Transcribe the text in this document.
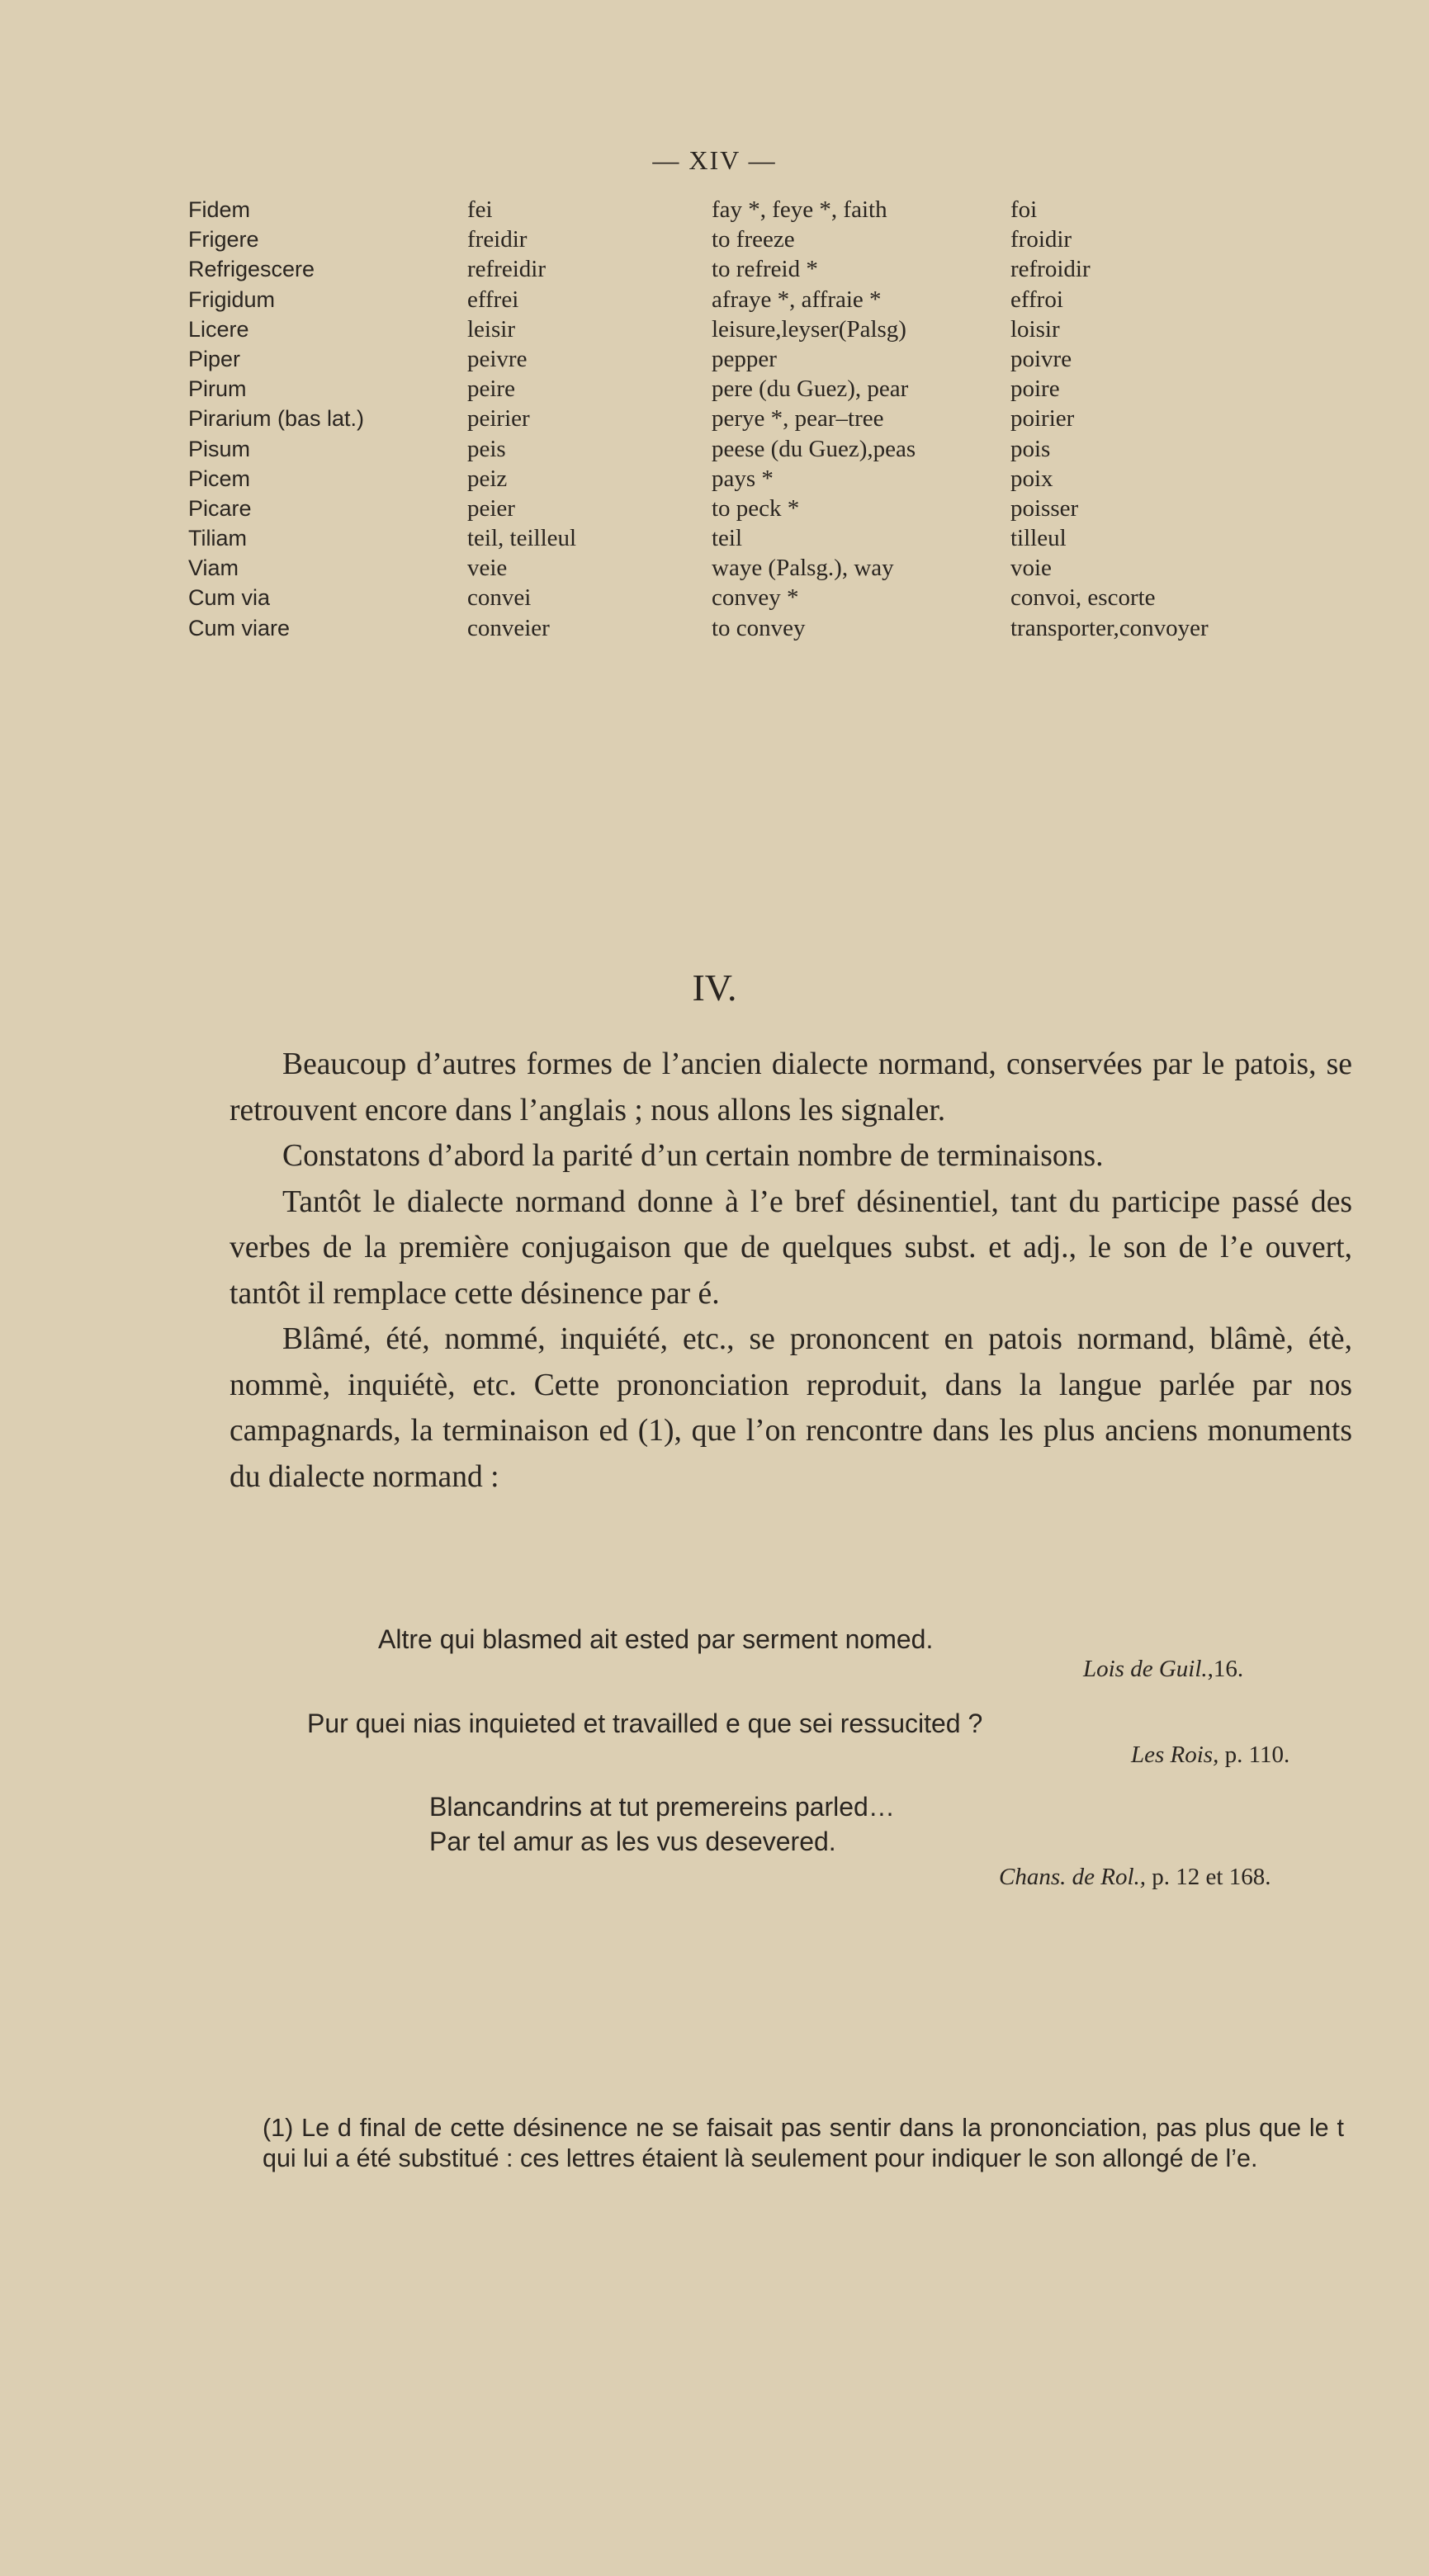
— XIV —
Fidem	fei	fay *, feye *, faith	foi
Frigere	freidir	to freeze	froidir
Refrigescere	refreidir	to refreid *	refroidir
Frigidum	effrei	afraye *, affraie *	effroi
Licere	leisir	leisure,leyser(Palsg)	loisir
Piper	peivre	pepper	poivre
Pirum	peire	pere (du Guez), pear	poire
Pirarium (bas lat.)	peirier	perye *, pear–tree	poirier
Pisum	peis	peese (du Guez),peas	pois
Picem	peiz	pays *	poix
Picare	peier	to peck *	poisser
Tiliam	teil, teilleul	teil	tilleul
Viam	veie	waye (Palsg.), way	voie
Cum via	convei	convey *	convoi, escorte
Cum viare	conveier	to convey	transporter,convoyer
IV.

Beaucoup d’autres formes de l’ancien dialecte normand, conservées par le patois, se retrouvent encore dans l’anglais ; nous allons les signaler.

Constatons d’abord la parité d’un certain nombre de terminaisons.

Tantôt le dialecte normand donne à l’e bref désinentiel, tant du participe passé des verbes de la première conjugaison que de quelques subst. et adj., le son de l’e ouvert, tantôt il remplace cette désinence par é.

Blâmé, été, nommé, inquiété, etc., se prononcent en patois normand, blâmè, étè, nommè, inquiétè, etc. Cette prononciation reproduit, dans la langue parlée par nos campagnards, la terminaison ed (1), que l’on rencontre dans les plus anciens monuments du dialecte normand :

Altre qui blasmed ait ested par serment nomed.
Lois de Guil.,16.
Pur quei nias inquieted et travailled e que sei ressucited ?
Les Rois, p. 110.
Blancandrins at tut premereins parled…
Par tel amur as les vus desevered.
Chans. de Rol., p. 12 et 168.

(1) Le d final de cette désinence ne se faisait pas sentir dans la prononciation, pas plus que le t qui lui a été substitué : ces lettres étaient là seulement pour indiquer le son allongé de l’e.
